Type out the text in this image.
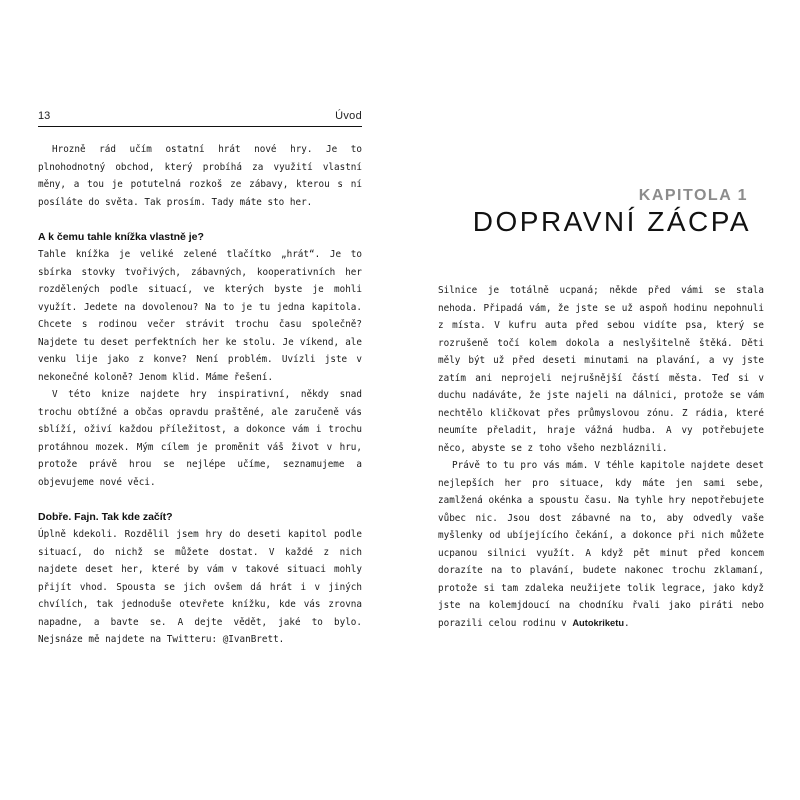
13	Úvod

Hrozně rád učím ostatní hrát nové hry. Je to plnohodnotný obchod, který probíhá za využití vlastní měny, a tou je potutelná rozkoš ze zábavy, kterou s ní posíláte do světa. Tak prosím. Tady máte sto her.

A k čemu tahle knížka vlastně je?

Tahle knížka je veliké zelené tlačítko „hrát“. Je to sbírka stovky tvořivých, zábavných, kooperativních her rozdělených podle situací, ve kterých byste je mohli využít. Jedete na dovolenou? Na to je tu jedna kapitola. Chcete s rodinou večer strávit trochu času společně? Najdete tu deset perfektních her ke stolu. Je víkend, ale venku lije jako z konve? Není problém. Uvízli jste v nekonečné koloně? Jenom klid. Máme řešení.

V této knize najdete hry inspirativní, někdy snad trochu obtížné a občas opravdu praštěné, ale zaručeně vás sblíží, oživí každou příležitost, a dokonce vám i trochu protáhnou mozek. Mým cílem je proměnit váš život v hru, protože právě hrou se nejlépe učíme, seznamujeme a objevujeme nové věci.

Dobře. Fajn. Tak kde začít?

Úplně kdekoli. Rozdělil jsem hry do deseti kapitol podle situací, do nichž se můžete dostat. V každé z nich najdete deset her, které by vám v takové situaci mohly přijít vhod. Spousta se jich ovšem dá hrát i v jiných chvílích, tak jednoduše otevřete knížku, kde vás zrovna napadne, a bavte se. A dejte vědět, jaké to bylo. Nejsnáze mě najdete na Twitteru: @IvanBrett.

KAPITOLA 1
DOPRAVNÍ ZÁCPA

Silnice je totálně ucpaná; někde před vámi se stala nehoda. Připadá vám, že jste se už aspoň hodinu nepohnuli z místa. V kufru auta před sebou vidíte psa, který se rozrušeně točí kolem dokola a neslyšitelně štěká. Děti měly být už před deseti minutami na plavání, a vy jste zatím ani neprojeli nejrušnější částí města. Teď si v duchu nadáváte, že jste najeli na dálnici, protože se vám nechtělo kličkovat přes průmyslovou zónu. Z rádia, které neumíte přeladit, hraje vážná hudba. A vy potřebujete něco, abyste se z toho všeho nezbláznili.

Právě to tu pro vás mám. V téhle kapitole najdete deset nejlepších her pro situace, kdy máte jen sami sebe, zamlžená okénka a spoustu času. Na tyhle hry nepotřebujete vůbec nic. Jsou dost zábavné na to, aby odvedly vaše myšlenky od ubíjejícího čekání, a dokonce při nich můžete ucpanou silnici využít. A když pět minut před koncem dorazíte na to plavání, budete nakonec trochu zklamaní, protože si tam zdaleka neužijete tolik legrace, jako když jste na kolemjdoucí na chodníku řvali jako piráti nebo porazili celou rodinu v Autokriketu.
